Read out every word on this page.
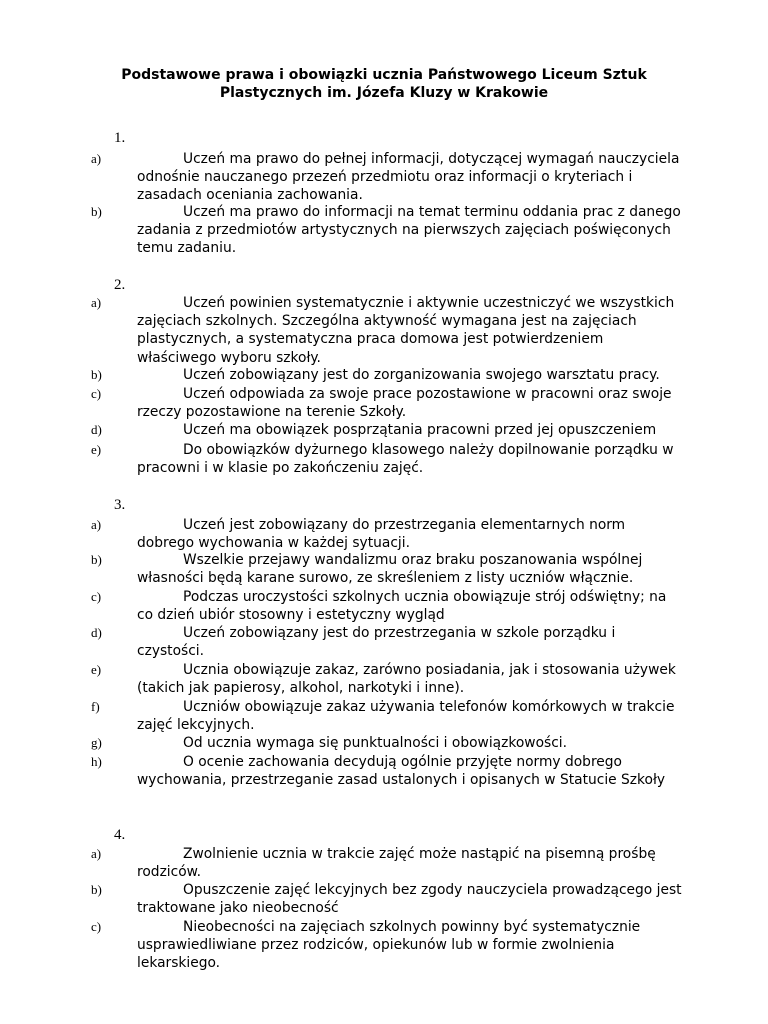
Podstawowe prawa i obowiązki ucznia Państwowego Liceum Sztuk Plastycznych im. Józefa Kluzy w Krakowie
1.
a)	Uczeń ma prawo do pełnej informacji, dotyczącej wymagań nauczyciela odnośnie nauczanego przezeń przedmiotu oraz informacji o kryteriach i zasadach oceniania zachowania.
b)	Uczeń ma prawo do informacji na temat terminu oddania prac z danego zadania z przedmiotów artystycznych na pierwszych zajęciach poświęconych temu zadaniu.
2.
a)	Uczeń powinien systematycznie i aktywnie uczestniczyć we wszystkich zajęciach szkolnych. Szczególna aktywność wymagana jest na zajęciach plastycznych, a systematyczna praca domowa jest potwierdzeniem właściwego wyboru szkoły.
b)	Uczeń zobowiązany jest do zorganizowania swojego warsztatu pracy.
c)	Uczeń odpowiada za swoje prace pozostawione w pracowni oraz swoje rzeczy pozostawione na terenie Szkoły.
d)	Uczeń ma obowiązek posprzątania pracowni przed jej opuszczeniem
e)	Do obowiązków dyżurnego klasowego należy dopilnowanie porządku w pracowni i w klasie po zakończeniu zajęć.
3.
a)	Uczeń jest zobowiązany do przestrzegania elementarnych norm dobrego wychowania w każdej sytuacji.
b)	Wszelkie przejawy wandalizmu oraz braku poszanowania wspólnej własności będą karane surowo, ze skreśleniem z listy uczniów włącznie.
c)	Podczas uroczystości szkolnych ucznia obowiązuje strój odświętny; na co dzień ubiór stosowny i estetyczny wygląd
d)	Uczeń zobowiązany jest do przestrzegania w szkole porządku i czystości.
e)	Ucznia obowiązuje zakaz, zarówno posiadania, jak i stosowania używek (takich jak papierosy, alkohol, narkotyki i inne).
f)	Uczniów obowiązuje zakaz używania telefonów komórkowych w trakcie zajęć lekcyjnych.
g)	Od ucznia wymaga się punktualności i obowiązkowości.
h)	O ocenie zachowania decydują ogólnie przyjęte normy dobrego wychowania, przestrzeganie zasad ustalonych i opisanych w Statucie Szkoły
4.
a)	Zwolnienie ucznia w trakcie zajęć może nastąpić na pisemną prośbę rodziców.
b)	Opuszczenie zajęć lekcyjnych bez zgody nauczyciela prowadzącego jest traktowane jako nieobecność
c)	Nieobecności na zajęciach szkolnych powinny być systematycznie usprawiedliwiane przez rodziców, opiekunów lub w formie zwolnienia lekarskiego.
